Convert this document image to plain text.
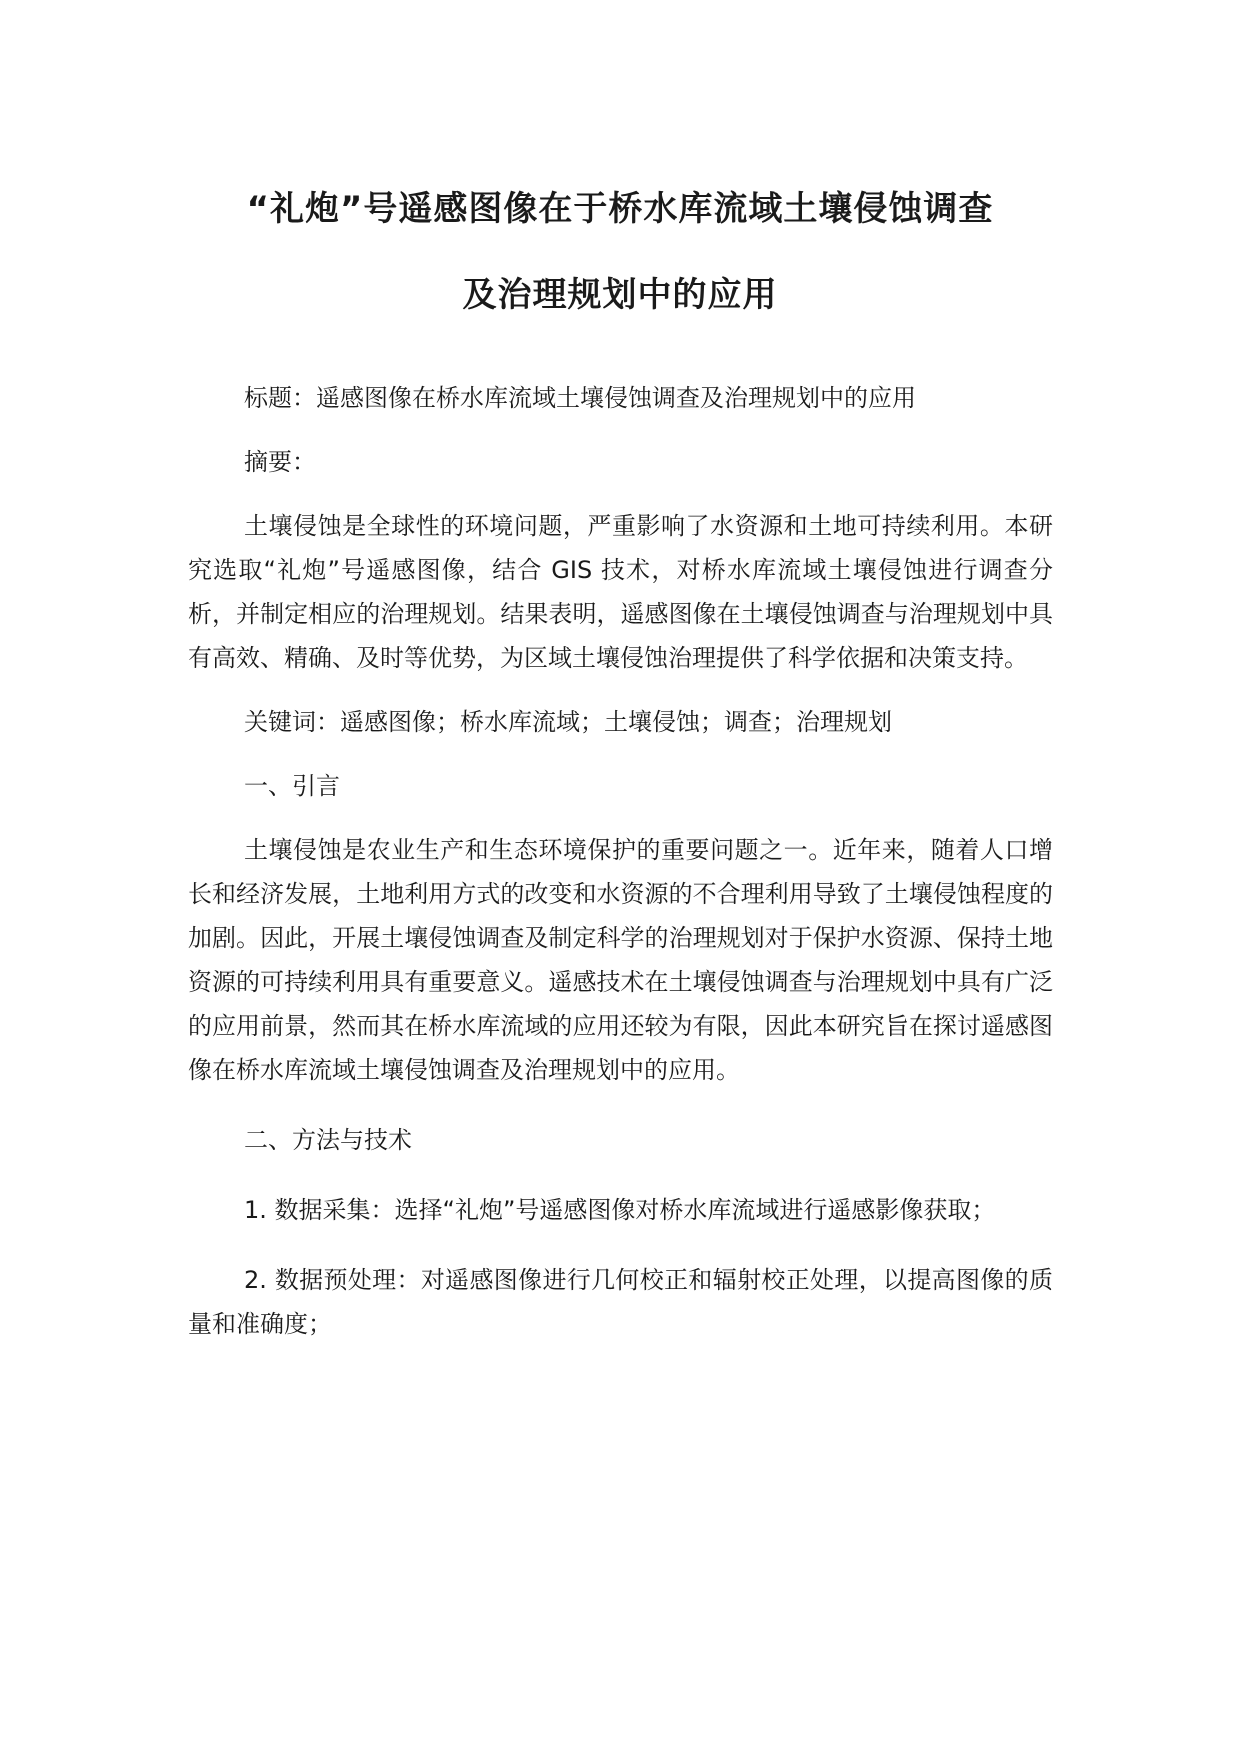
“礼炮”号遥感图像在于桥水库流域土壤侵蚀调查
及治理规划中的应用

标题：遥感图像在桥水库流域土壤侵蚀调查及治理规划中的应用

摘要：

土壤侵蚀是全球性的环境问题，严重影响了水资源和土地可持续利用。本研究选取“礼炮”号遥感图像，结合 GIS 技术，对桥水库流域土壤侵蚀进行调查分析，并制定相应的治理规划。结果表明，遥感图像在土壤侵蚀调查与治理规划中具有高效、精确、及时等优势，为区域土壤侵蚀治理提供了科学依据和决策支持。

关键词：遥感图像；桥水库流域；土壤侵蚀；调查；治理规划

一、引言

土壤侵蚀是农业生产和生态环境保护的重要问题之一。近年来，随着人口增长和经济发展，土地利用方式的改变和水资源的不合理利用导致了土壤侵蚀程度的加剧。因此，开展土壤侵蚀调查及制定科学的治理规划对于保护水资源、保持土地资源的可持续利用具有重要意义。遥感技术在土壤侵蚀调查与治理规划中具有广泛的应用前景，然而其在桥水库流域的应用还较为有限，因此本研究旨在探讨遥感图像在桥水库流域土壤侵蚀调查及治理规划中的应用。

二、方法与技术

1. 数据采集：选择“礼炮”号遥感图像对桥水库流域进行遥感影像获取；

2. 数据预处理：对遥感图像进行几何校正和辐射校正处理，以提高图像的质量和准确度；
